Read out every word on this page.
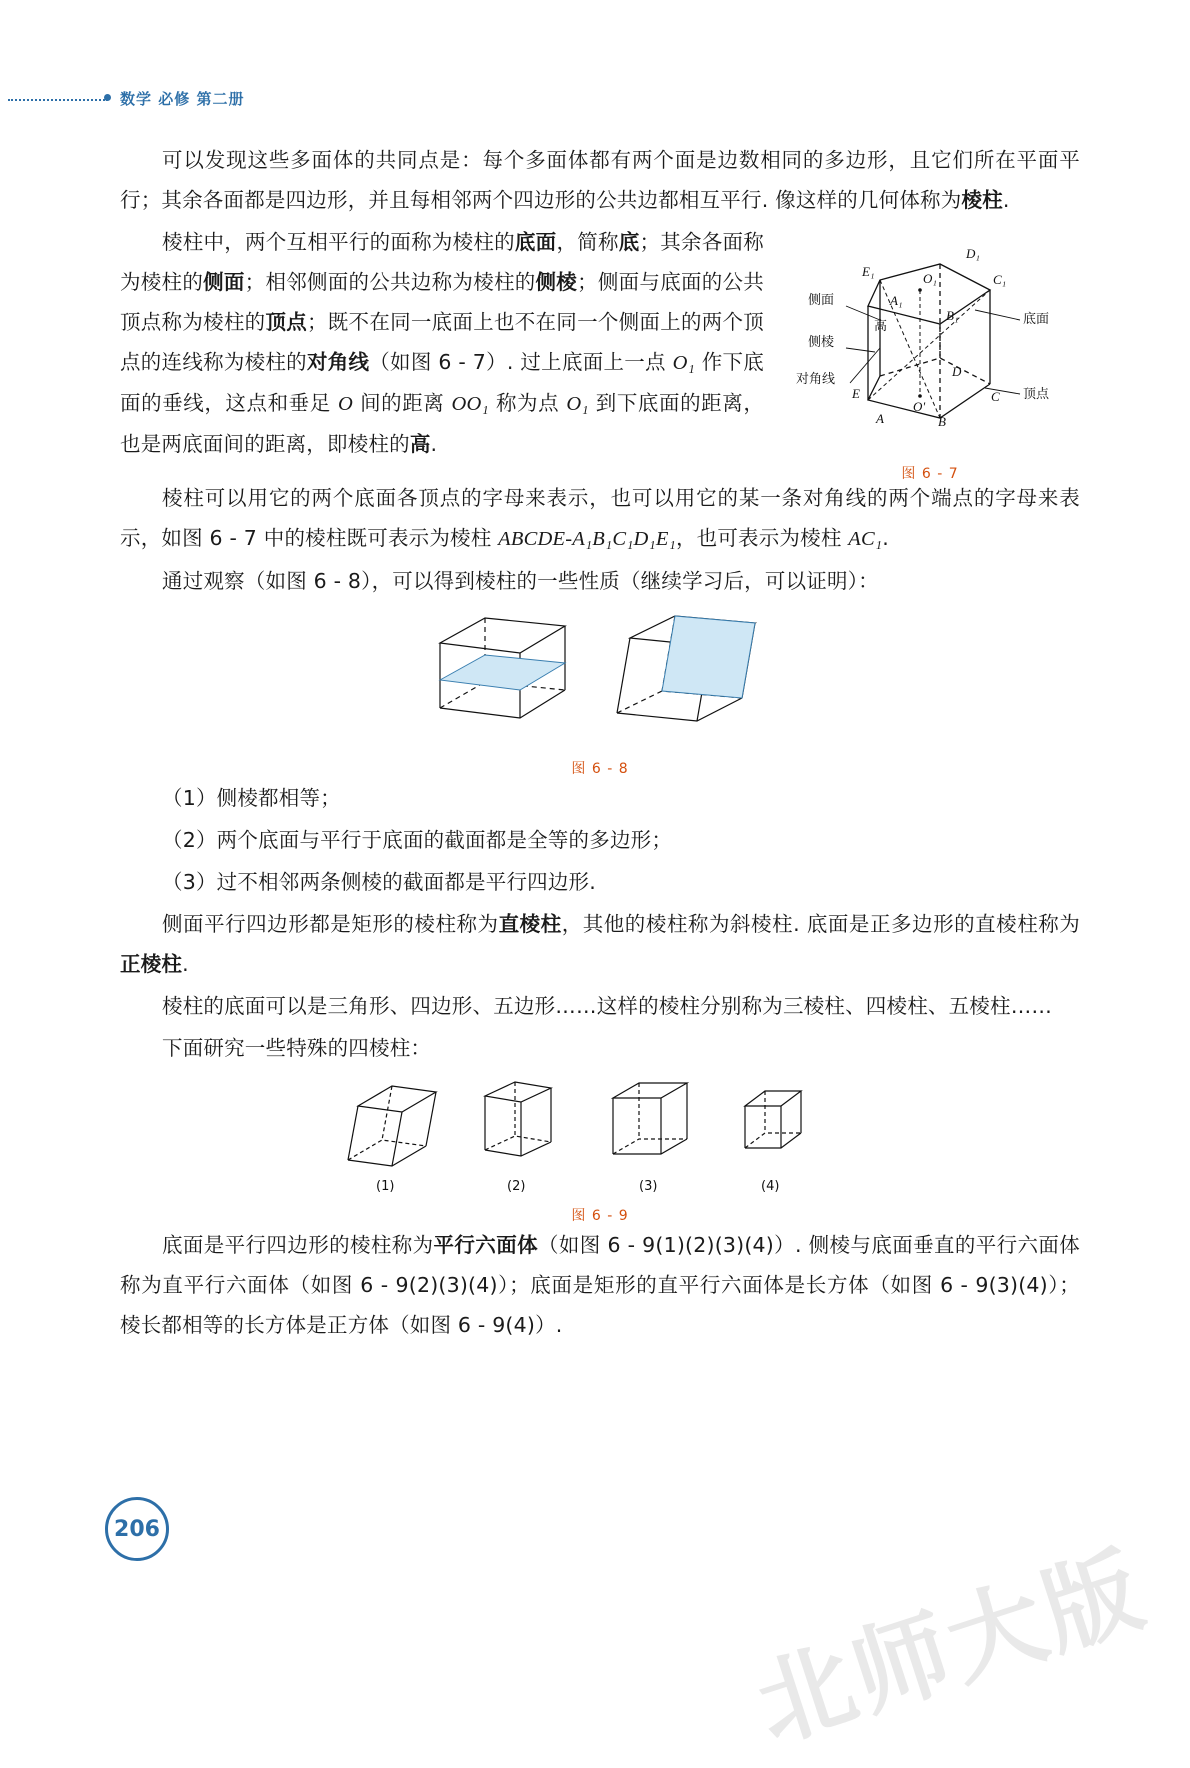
数学 必修 第二册

可以发现这些多面体的共同点是：每个多面体都有两个面是边数相同的多边形，且它们所在平面平行；其余各面都是四边形，并且每相邻两个四边形的公共边都相互平行. 像这样的几何体称为棱柱.

D₁
E₁
C₁
O₁
A₁
B₁
D
E
O'
A	B
C
侧面
侧棱
对角线
高	底面
顶点
图 6 - 7

棱柱中，两个互相平行的面称为棱柱的底面，简称底；其余各面称为棱柱的侧面；相邻侧面的公共边称为棱柱的侧棱；侧面与底面的公共顶点称为棱柱的顶点；既不在同一底面上也不在同一个侧面上的两个顶点的连线称为棱柱的对角线（如图 6 - 7）. 过上底面上一点 O₁ 作下底面的垂线，这点和垂足 O 间的距离 OO₁ 称为点 O₁ 到下底面的距离，也是两底面间的距离，即棱柱的高.

棱柱可以用它的两个底面各顶点的字母来表示，也可以用它的某一条对角线的两个端点的字母来表示，如图 6 - 7 中的棱柱既可表示为棱柱 ABCDE-A₁B₁C₁D₁E₁，也可表示为棱柱 AC₁.

通过观察（如图 6 - 8），可以得到棱柱的一些性质（继续学习后，可以证明）：

图 6 - 8

（1）侧棱都相等；

（2）两个底面与平行于底面的截面都是全等的多边形；

（3）过不相邻两条侧棱的截面都是平行四边形.

侧面平行四边形都是矩形的棱柱称为直棱柱，其他的棱柱称为斜棱柱. 底面是正多边形的直棱柱称为正棱柱.

棱柱的底面可以是三角形、四边形、五边形……这样的棱柱分别称为三棱柱、四棱柱、五棱柱……

下面研究一些特殊的四棱柱：

(1)	(2)	(3)	(4)
图 6 - 9

底面是平行四边形的棱柱称为平行六面体（如图 6 - 9(1)(2)(3)(4)）. 侧棱与底面垂直的平行六面体称为直平行六面体（如图 6 - 9(2)(3)(4)）；底面是矩形的直平行六面体是长方体（如图 6 - 9(3)(4)）；棱长都相等的长方体是正方体（如图 6 - 9(4)）.

206
北师大版
